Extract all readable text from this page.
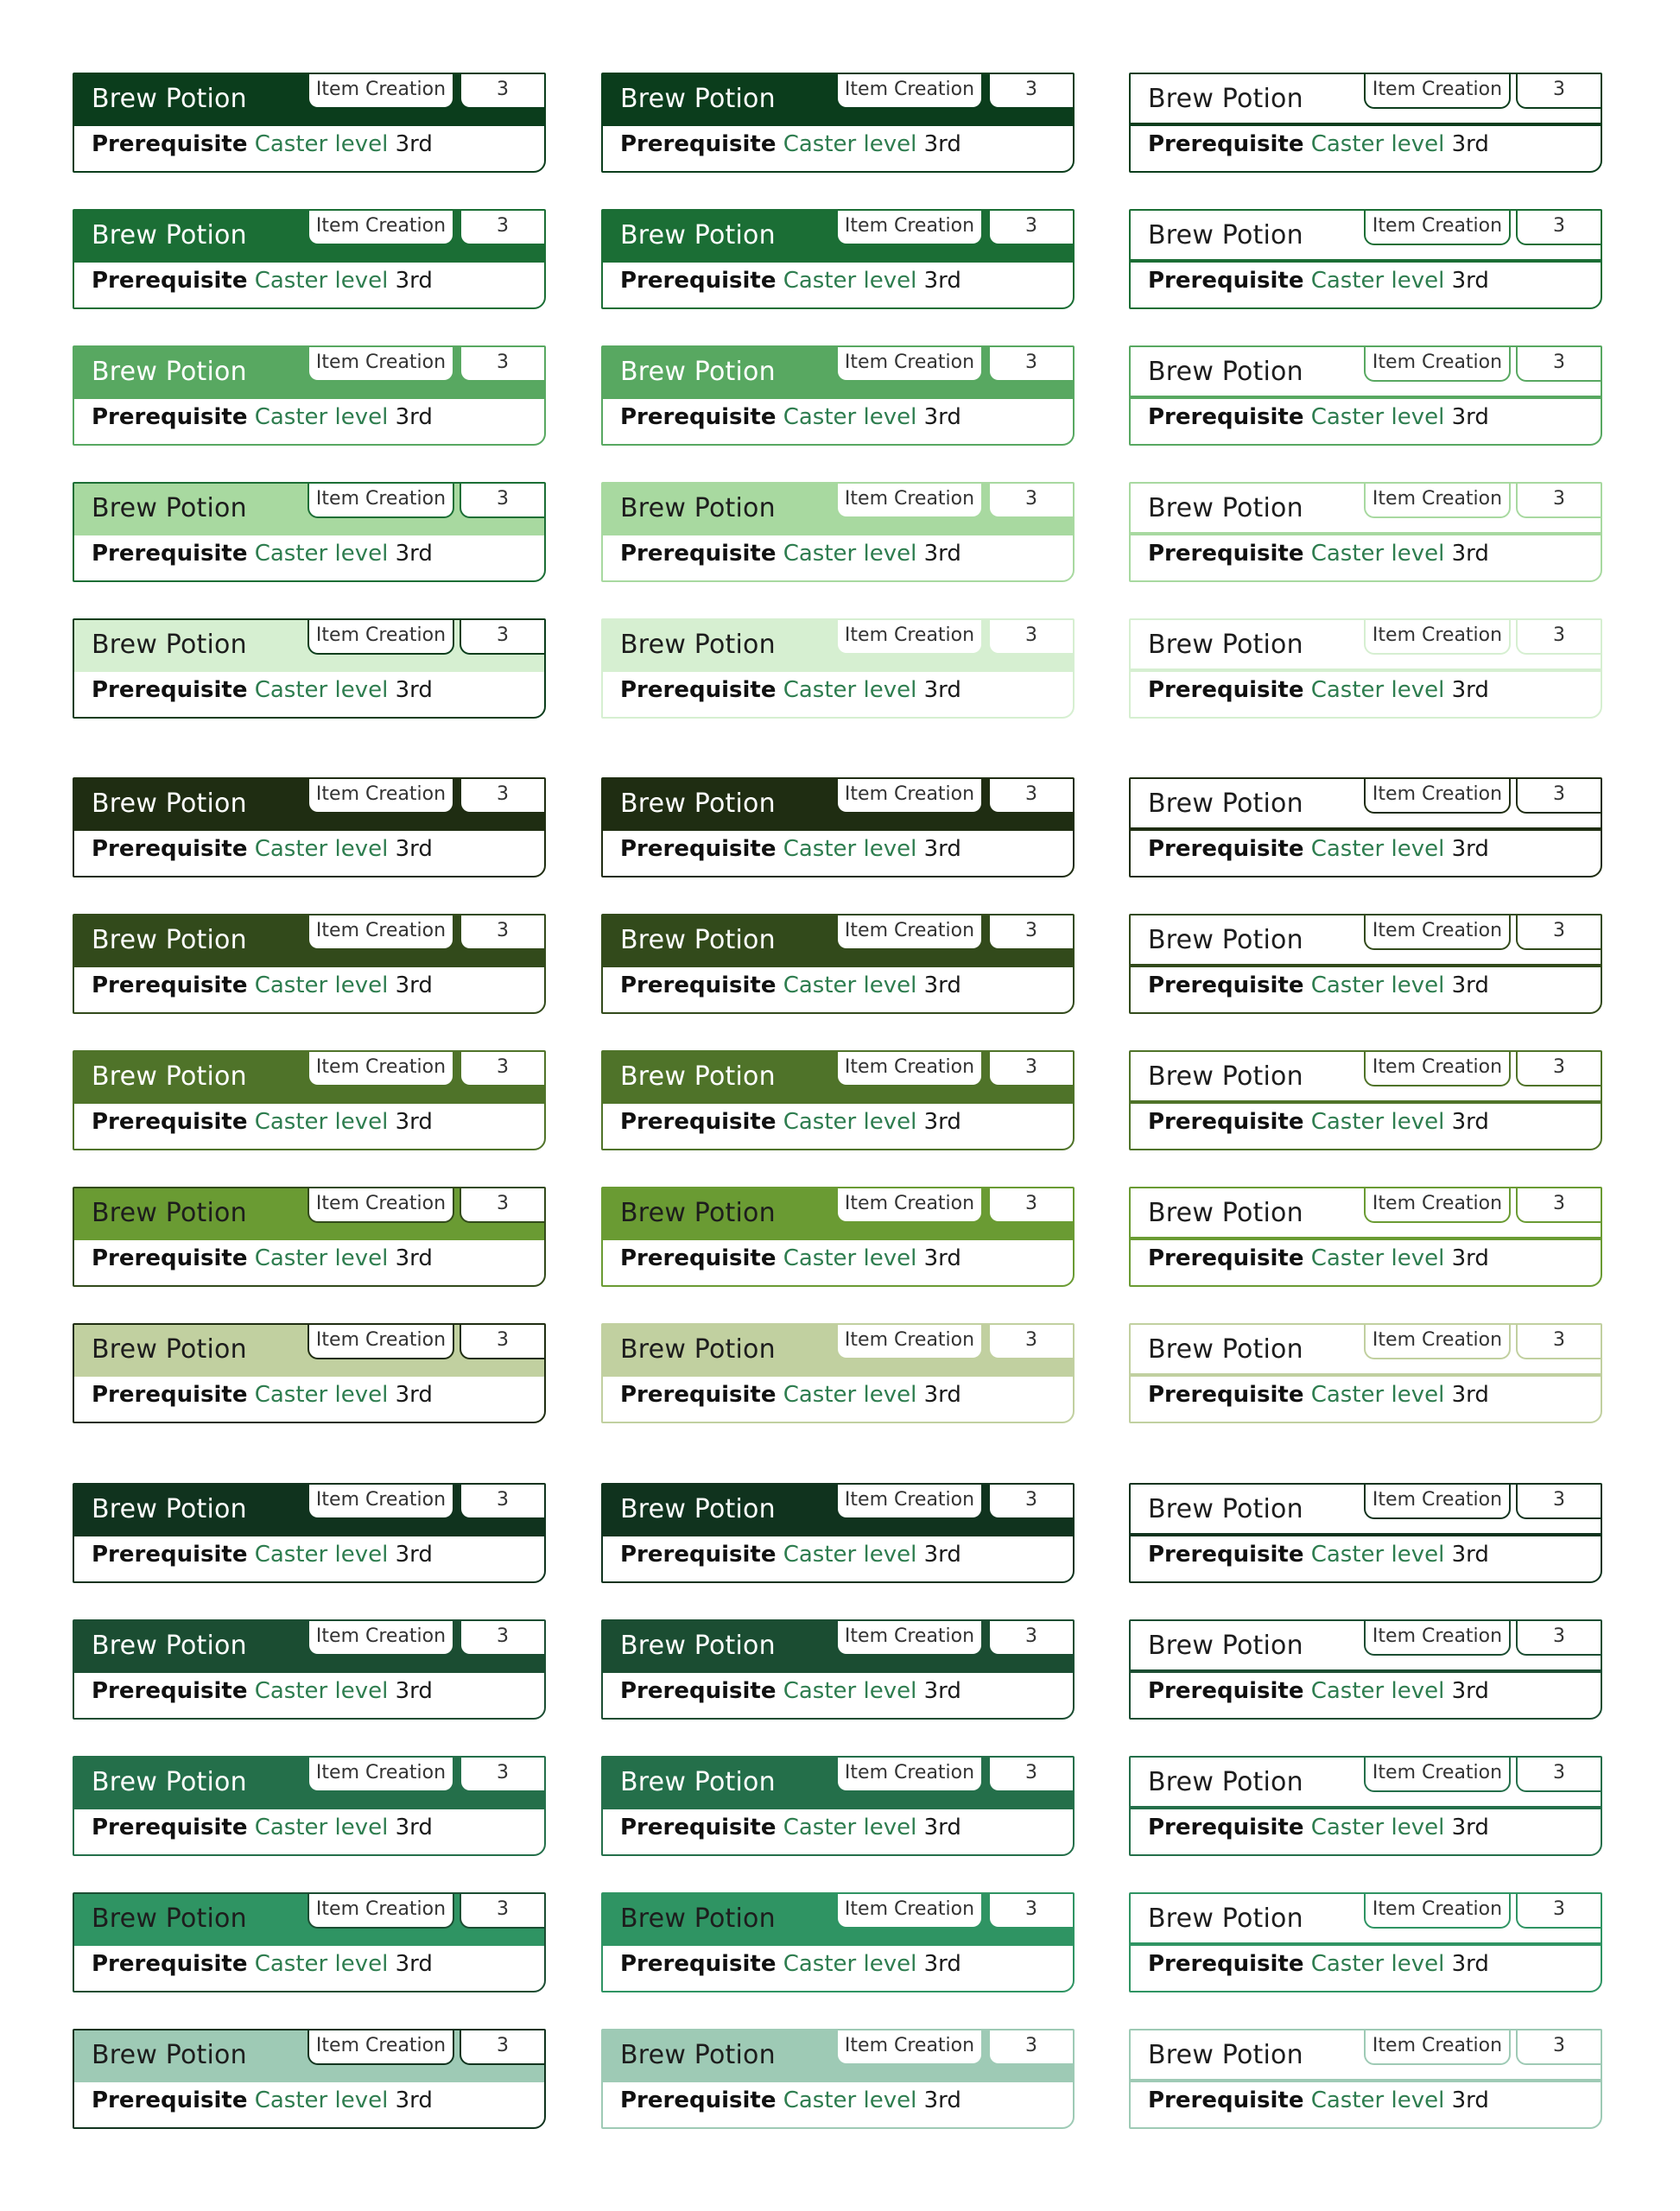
Brew Potion	Item Creation	3
Prerequisite Caster level 3rd
Brew Potion	Item Creation	3
Prerequisite Caster level 3rd
Brew Potion	Item Creation	3
Prerequisite Caster level 3rd
Brew Potion	Item Creation	3
Prerequisite Caster level 3rd
Brew Potion	Item Creation	3
Prerequisite Caster level 3rd
Brew Potion	Item Creation	3
Prerequisite Caster level 3rd
Brew Potion	Item Creation	3
Prerequisite Caster level 3rd
Brew Potion	Item Creation	3
Prerequisite Caster level 3rd
Brew Potion	Item Creation	3
Prerequisite Caster level 3rd
Brew Potion	Item Creation	3
Prerequisite Caster level 3rd
Brew Potion	Item Creation	3
Prerequisite Caster level 3rd
Brew Potion	Item Creation	3
Prerequisite Caster level 3rd
Brew Potion	Item Creation	3
Prerequisite Caster level 3rd
Brew Potion	Item Creation	3
Prerequisite Caster level 3rd
Brew Potion	Item Creation	3
Prerequisite Caster level 3rd
Brew Potion	Item Creation	3
Prerequisite Caster level 3rd
Brew Potion	Item Creation	3
Prerequisite Caster level 3rd
Brew Potion	Item Creation	3
Prerequisite Caster level 3rd
Brew Potion	Item Creation	3
Prerequisite Caster level 3rd
Brew Potion	Item Creation	3
Prerequisite Caster level 3rd
Brew Potion	Item Creation	3
Prerequisite Caster level 3rd
Brew Potion	Item Creation	3
Prerequisite Caster level 3rd
Brew Potion	Item Creation	3
Prerequisite Caster level 3rd
Brew Potion	Item Creation	3
Prerequisite Caster level 3rd
Brew Potion	Item Creation	3
Prerequisite Caster level 3rd
Brew Potion	Item Creation	3
Prerequisite Caster level 3rd
Brew Potion	Item Creation	3
Prerequisite Caster level 3rd
Brew Potion	Item Creation	3
Prerequisite Caster level 3rd
Brew Potion	Item Creation	3
Prerequisite Caster level 3rd
Brew Potion	Item Creation	3
Prerequisite Caster level 3rd
Brew Potion	Item Creation	3
Prerequisite Caster level 3rd
Brew Potion	Item Creation	3
Prerequisite Caster level 3rd
Brew Potion	Item Creation	3
Prerequisite Caster level 3rd
Brew Potion	Item Creation	3
Prerequisite Caster level 3rd
Brew Potion	Item Creation	3
Prerequisite Caster level 3rd
Brew Potion	Item Creation	3
Prerequisite Caster level 3rd
Brew Potion	Item Creation	3
Prerequisite Caster level 3rd
Brew Potion	Item Creation	3
Prerequisite Caster level 3rd
Brew Potion	Item Creation	3
Prerequisite Caster level 3rd
Brew Potion	Item Creation	3
Prerequisite Caster level 3rd
Brew Potion	Item Creation	3
Prerequisite Caster level 3rd
Brew Potion	Item Creation	3
Prerequisite Caster level 3rd
Brew Potion	Item Creation	3
Prerequisite Caster level 3rd
Brew Potion	Item Creation	3
Prerequisite Caster level 3rd
Brew Potion	Item Creation	3
Prerequisite Caster level 3rd
